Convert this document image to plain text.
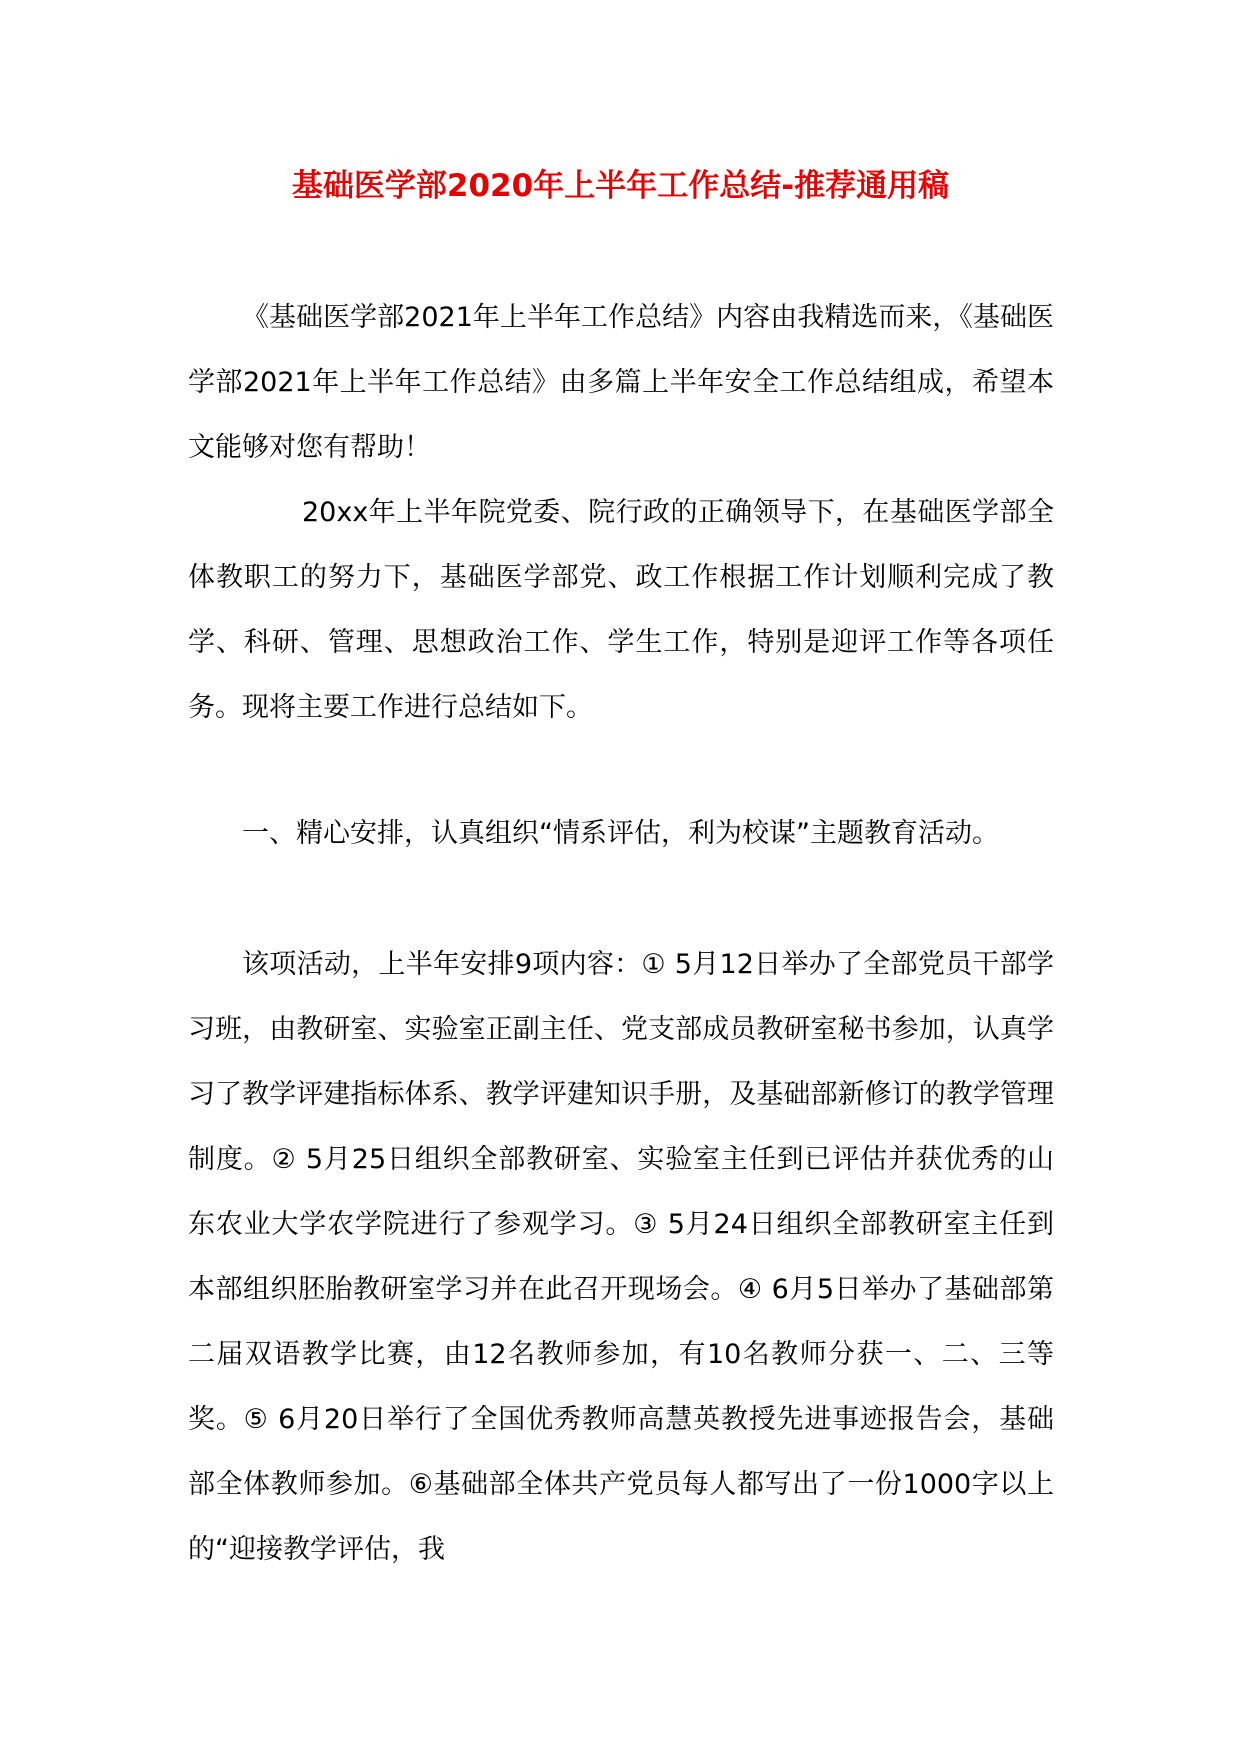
基础医学部2020年上半年工作总结-推荐通用稿

《基础医学部2021年上半年工作总结》内容由我精选而来，《基础医学部2021年上半年工作总结》由多篇上半年安全工作总结组成，希望本文能够对您有帮助！

20xx年上半年院党委、院行政的正确领导下，在基础医学部全体教职工的努力下，基础医学部党、政工作根据工作计划顺利完成了教学、科研、管理、思想政治工作、学生工作，特别是迎评工作等各项任务。现将主要工作进行总结如下。

一、精心安排，认真组织“情系评估，利为校谋”主题教育活动。

该项活动，上半年安排9项内容：① 5月12日举办了全部党员干部学习班，由教研室、实验室正副主任、党支部成员教研室秘书参加，认真学习了教学评建指标体系、教学评建知识手册，及基础部新修订的教学管理制度。② 5月25日组织全部教研室、实验室主任到已评估并获优秀的山东农业大学农学院进行了参观学习。③ 5月24日组织全部教研室主任到本部组织胚胎教研室学习并在此召开现场会。④ 6月5日举办了基础部第二届双语教学比赛，由12名教师参加，有10名教师分获一、二、三等奖。⑤ 6月20日举行了全国优秀教师高慧英教授先进事迹报告会，基础部全体教师参加。⑥基础部全体共产党员每人都写出了一份1000字以上的“迎接教学评估，我
